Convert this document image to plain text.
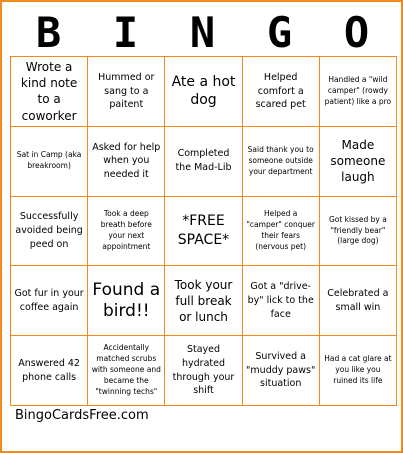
B	I	N	G	O
Wrote a kind note to a coworker
Hummed or sang to a paitent
Ate a hot dog
Helped comfort a scared pet
Handled a "wild camper" (rowdy patient) like a pro
Sat in Camp (aka breakroom)
Asked for help when you needed it
Completed the Mad-Lib
Said thank you to someone outside your department
Made someone laugh
Successfully avoided being peed on
Took a deep breath before your next appointment
*FREE SPACE*
Helped a "camper" conquer their fears (nervous pet)
Got kissed by a "friendly bear" (large dog)
Got fur in your coffee again
Found a bird!!
Took your full break or lunch
Got a "drive-by" lick to the face
Celebrated a small win
Answered 42 phone calls
Accidentally matched scrubs with someone and became the "twinning techs"
Stayed hydrated through your shift
Survived a "muddy paws" situation
Had a cat glare at you like you ruined its life
BingoCardsFree.com
